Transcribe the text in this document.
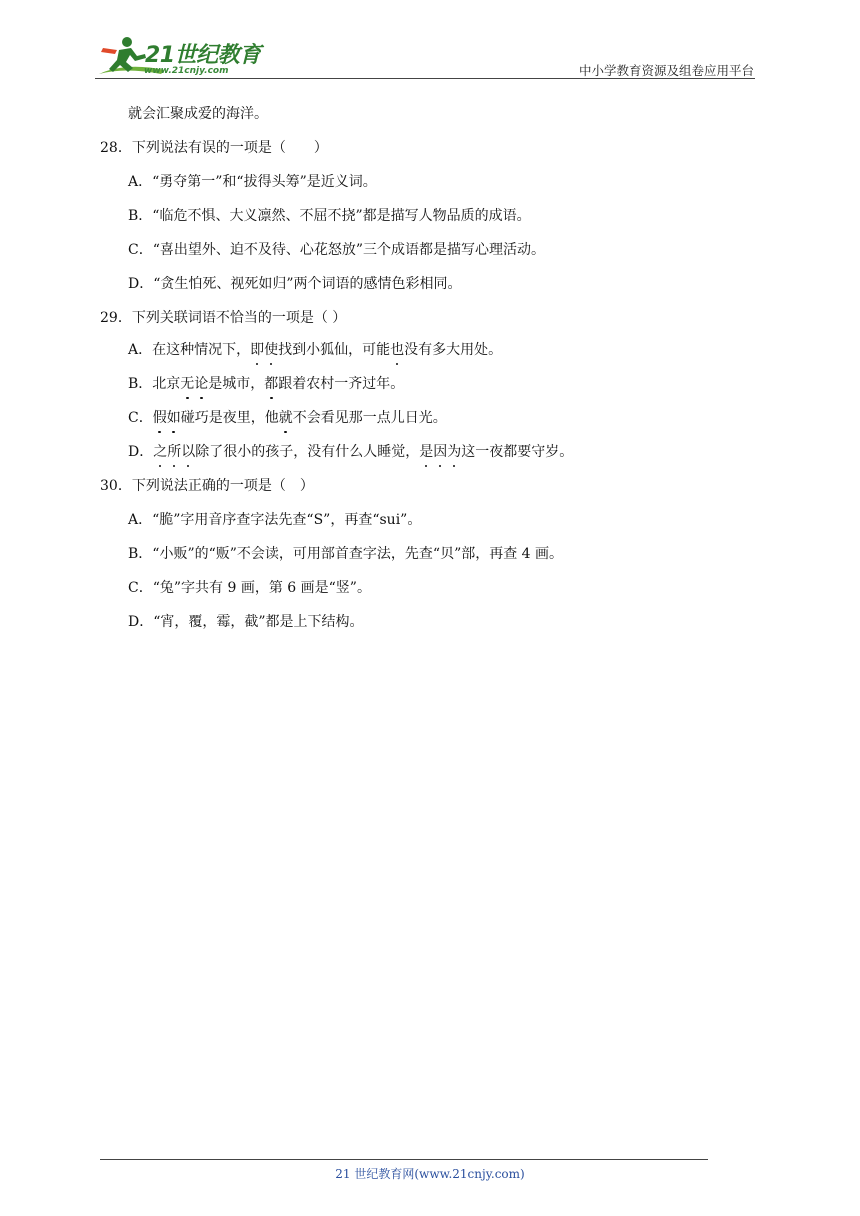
21世纪教育
www.21cnjy.com	中小学教育资源及组卷应用平台
就会汇聚成爱的海洋。
28．下列说法有误的一项是（　　）
A．“勇夺第一”和“拔得头筹”是近义词。
B．“临危不惧、大义凛然、不屈不挠”都是描写人物品质的成语。
C．“喜出望外、迫不及待、心花怒放”三个成语都是描写心理活动。
D．“贪生怕死、视死如归”两个词语的感情色彩相同。
29．下列关联词语不恰当的一项是（ ）
A．在这种情况下，即使找到小狐仙，可能也没有多大用处。
B．北京无论是城市，都跟着农村一齐过年。
C．假如碰巧是夜里，他就不会看见那一点儿日光。
D．之所以除了很小的孩子，没有什么人睡觉，是因为这一夜都要守岁。
30．下列说法正确的一项是（　）
A．“脆”字用音序查字法先查“S”，再查“sui”。
B．“小贩”的“贩”不会读，可用部首查字法，先查“贝”部，再查 4 画。
C．“兔”字共有 9 画，第 6 画是“竖”。
D．“宵，覆，霉，截”都是上下结构。
21 世纪教育网(www.21cnjy.com)
